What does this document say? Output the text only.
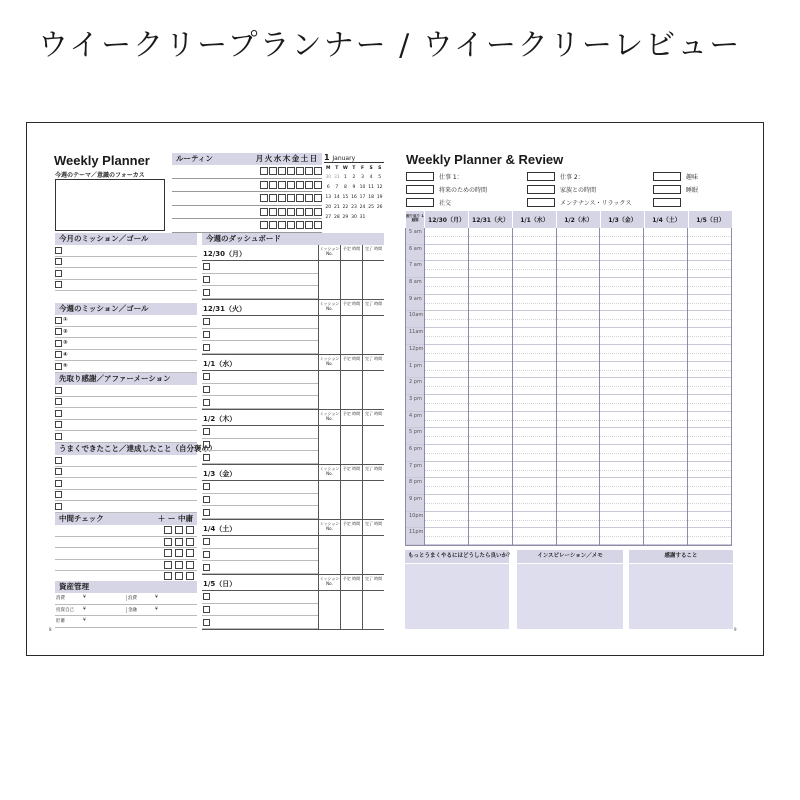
ウイークリープランナー / ウイークリーレビュー
Weekly Planner
今週のテーマ／意識のフォーカス
ルーティン	月 火 水 木 金 土 日 1 January
M	T	W	T	F	S	S
30	31	1	2	3	4	5
6	7	8	9	10	11	12
13	14	15	16	17	18	19
20	21	22	23	24	25	26
27	28	29	30	31		
今月のミッション／ゴール
今週のミッション／ゴール
①
②
③
④
⑤
先取り感謝／アファーメーション
うまくできたこと／達成したこと（自分褒め）
中間チェック	＋ ー 中庸
資産管理
消費	¥	浪費	¥
投資自己	¥	金融	¥
貯蓄	¥
今週のダッシュボード
12/30（月）
ミッション No.
予定 時間	完了 時間
12/31（火）
ミッション No.
予定 時間	完了 時間
1/1（水）
ミッション No.
予定 時間	完了 時間
1/2（木）
ミッション No.
予定 時間	完了 時間
1/3（金）
ミッション No.
予定 時間	完了 時間
1/4（土）
ミッション No.
予定 時間	完了 時間
1/5（日）
ミッション No.
予定 時間	完了 時間
8
Weekly Planner & Review
仕事 1：	仕事 2：	趣味
将来のための時間	家族との時間	睡眠
社交	メンテナンス・リラックス
振り返り 1 週間	12/30（月）	12/31（火）	1/1（水）	1/2（木）	1/3（金）	1/4（土）	1/5（日）
5 am
6 am
7 am
8 am
9 am
10am
11am
12pm
1 pm
2 pm
3 pm
4 pm
5 pm
6 pm
7 pm
8 pm
9 pm
10pm
11pm
もっとうまくやるにはどうしたら良いか？	インスピレーション／メモ	感謝すること
9
